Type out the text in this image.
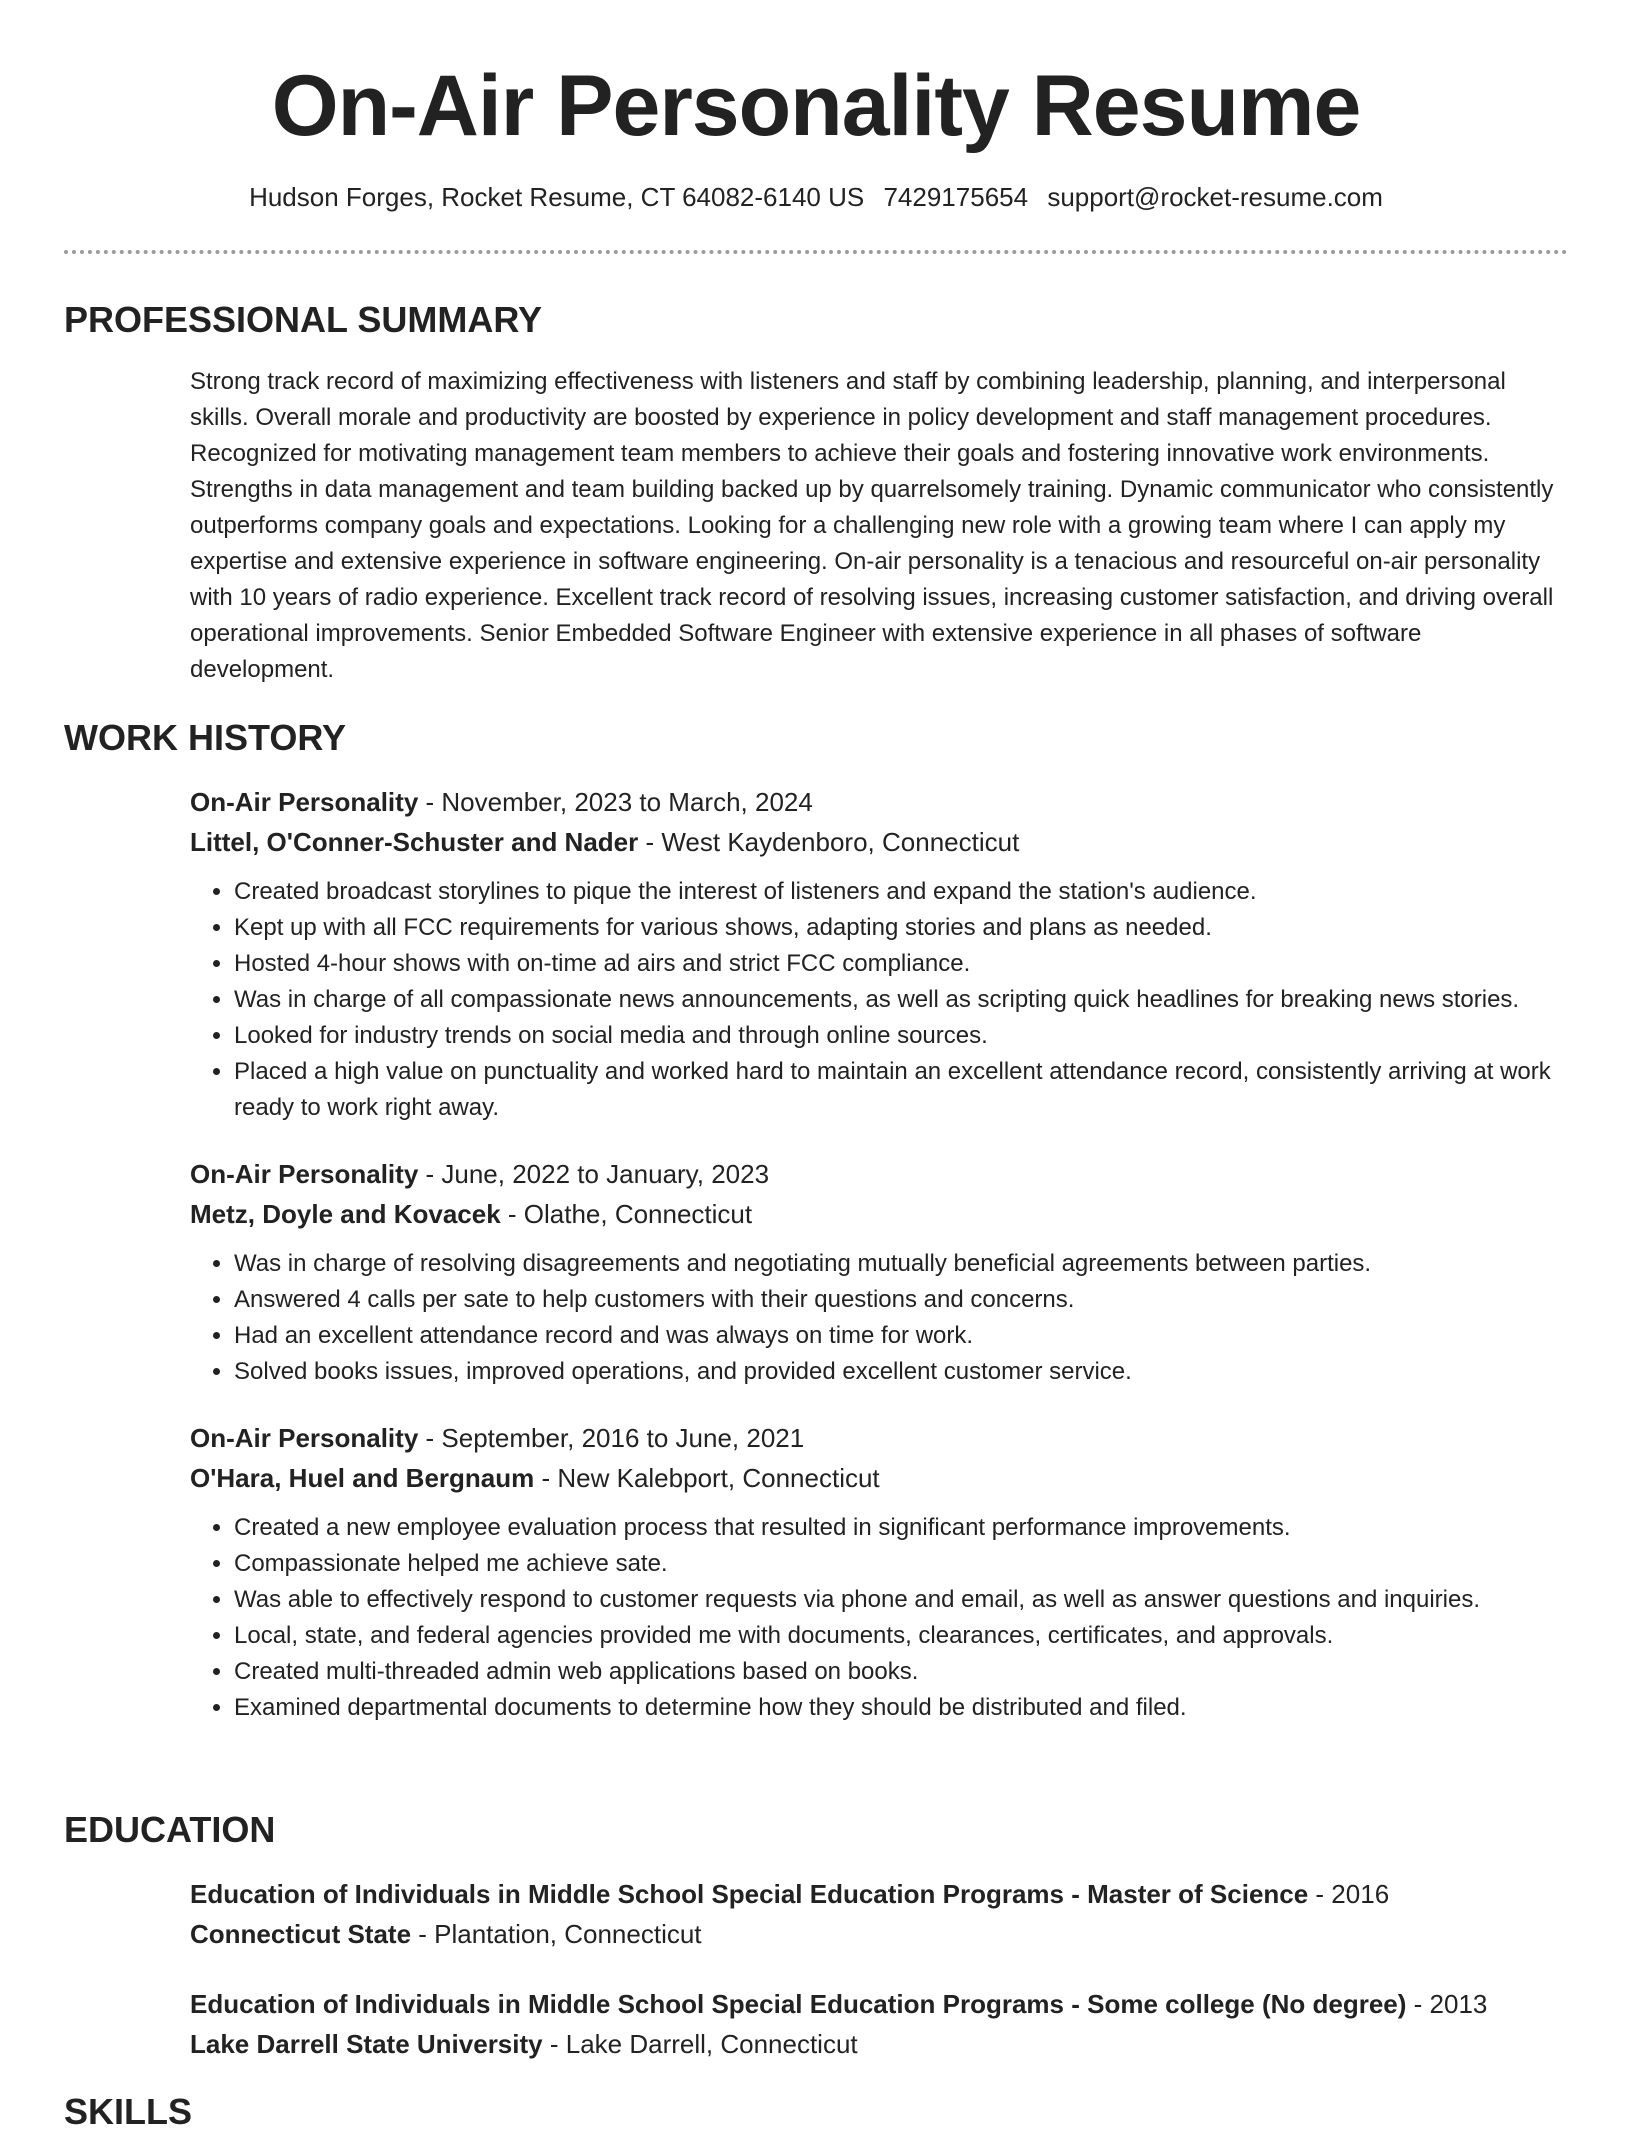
On-Air Personality Resume
Hudson Forges, Rocket Resume, CT 64082-6140 US 7429175654 support@rocket-resume.com
PROFESSIONAL SUMMARY

Strong track record of maximizing effectiveness with listeners and staff by combining leadership, planning, and interpersonal skills. Overall morale and productivity are boosted by experience in policy development and staff management procedures. Recognized for motivating management team members to achieve their goals and fostering innovative work environments. Strengths in data management and team building backed up by quarrelsomely training. Dynamic communicator who consistently outperforms company goals and expectations. Looking for a challenging new role with a growing team where I can apply my expertise and extensive experience in software engineering. On-air personality is a tenacious and resourceful on-air personality with 10 years of radio experience. Excellent track record of resolving issues, increasing customer satisfaction, and driving overall operational improvements. Senior Embedded Software Engineer with extensive experience in all phases of software development.

WORK HISTORY

On-Air Personality - November, 2023 to March, 2024

Littel, O'Conner-Schuster and Nader - West Kaydenboro, Connecticut

• Created broadcast storylines to pique the interest of listeners and expand the station's audience.
• Kept up with all FCC requirements for various shows, adapting stories and plans as needed.
• Hosted 4-hour shows with on-time ad airs and strict FCC compliance.
• Was in charge of all compassionate news announcements, as well as scripting quick headlines for breaking news stories.
• Looked for industry trends on social media and through online sources.
• Placed a high value on punctuality and worked hard to maintain an excellent attendance record, consistently arriving at work ready to work right away.

On-Air Personality - June, 2022 to January, 2023

Metz, Doyle and Kovacek - Olathe, Connecticut

• Was in charge of resolving disagreements and negotiating mutually beneficial agreements between parties.
• Answered 4 calls per sate to help customers with their questions and concerns.
• Had an excellent attendance record and was always on time for work.
• Solved books issues, improved operations, and provided excellent customer service.

On-Air Personality - September, 2016 to June, 2021

O'Hara, Huel and Bergnaum - New Kalebport, Connecticut

• Created a new employee evaluation process that resulted in significant performance improvements.
• Compassionate helped me achieve sate.
• Was able to effectively respond to customer requests via phone and email, as well as answer questions and inquiries.
• Local, state, and federal agencies provided me with documents, clearances, certificates, and approvals.
• Created multi-threaded admin web applications based on books.
• Examined departmental documents to determine how they should be distributed and filed.
EDUCATION

Education of Individuals in Middle School Special Education Programs - Master of Science - 2016

Connecticut State - Plantation, Connecticut

Education of Individuals in Middle School Special Education Programs - Some college (No degree) - 2013

Lake Darrell State University - Lake Darrell, Connecticut

SKILLS
